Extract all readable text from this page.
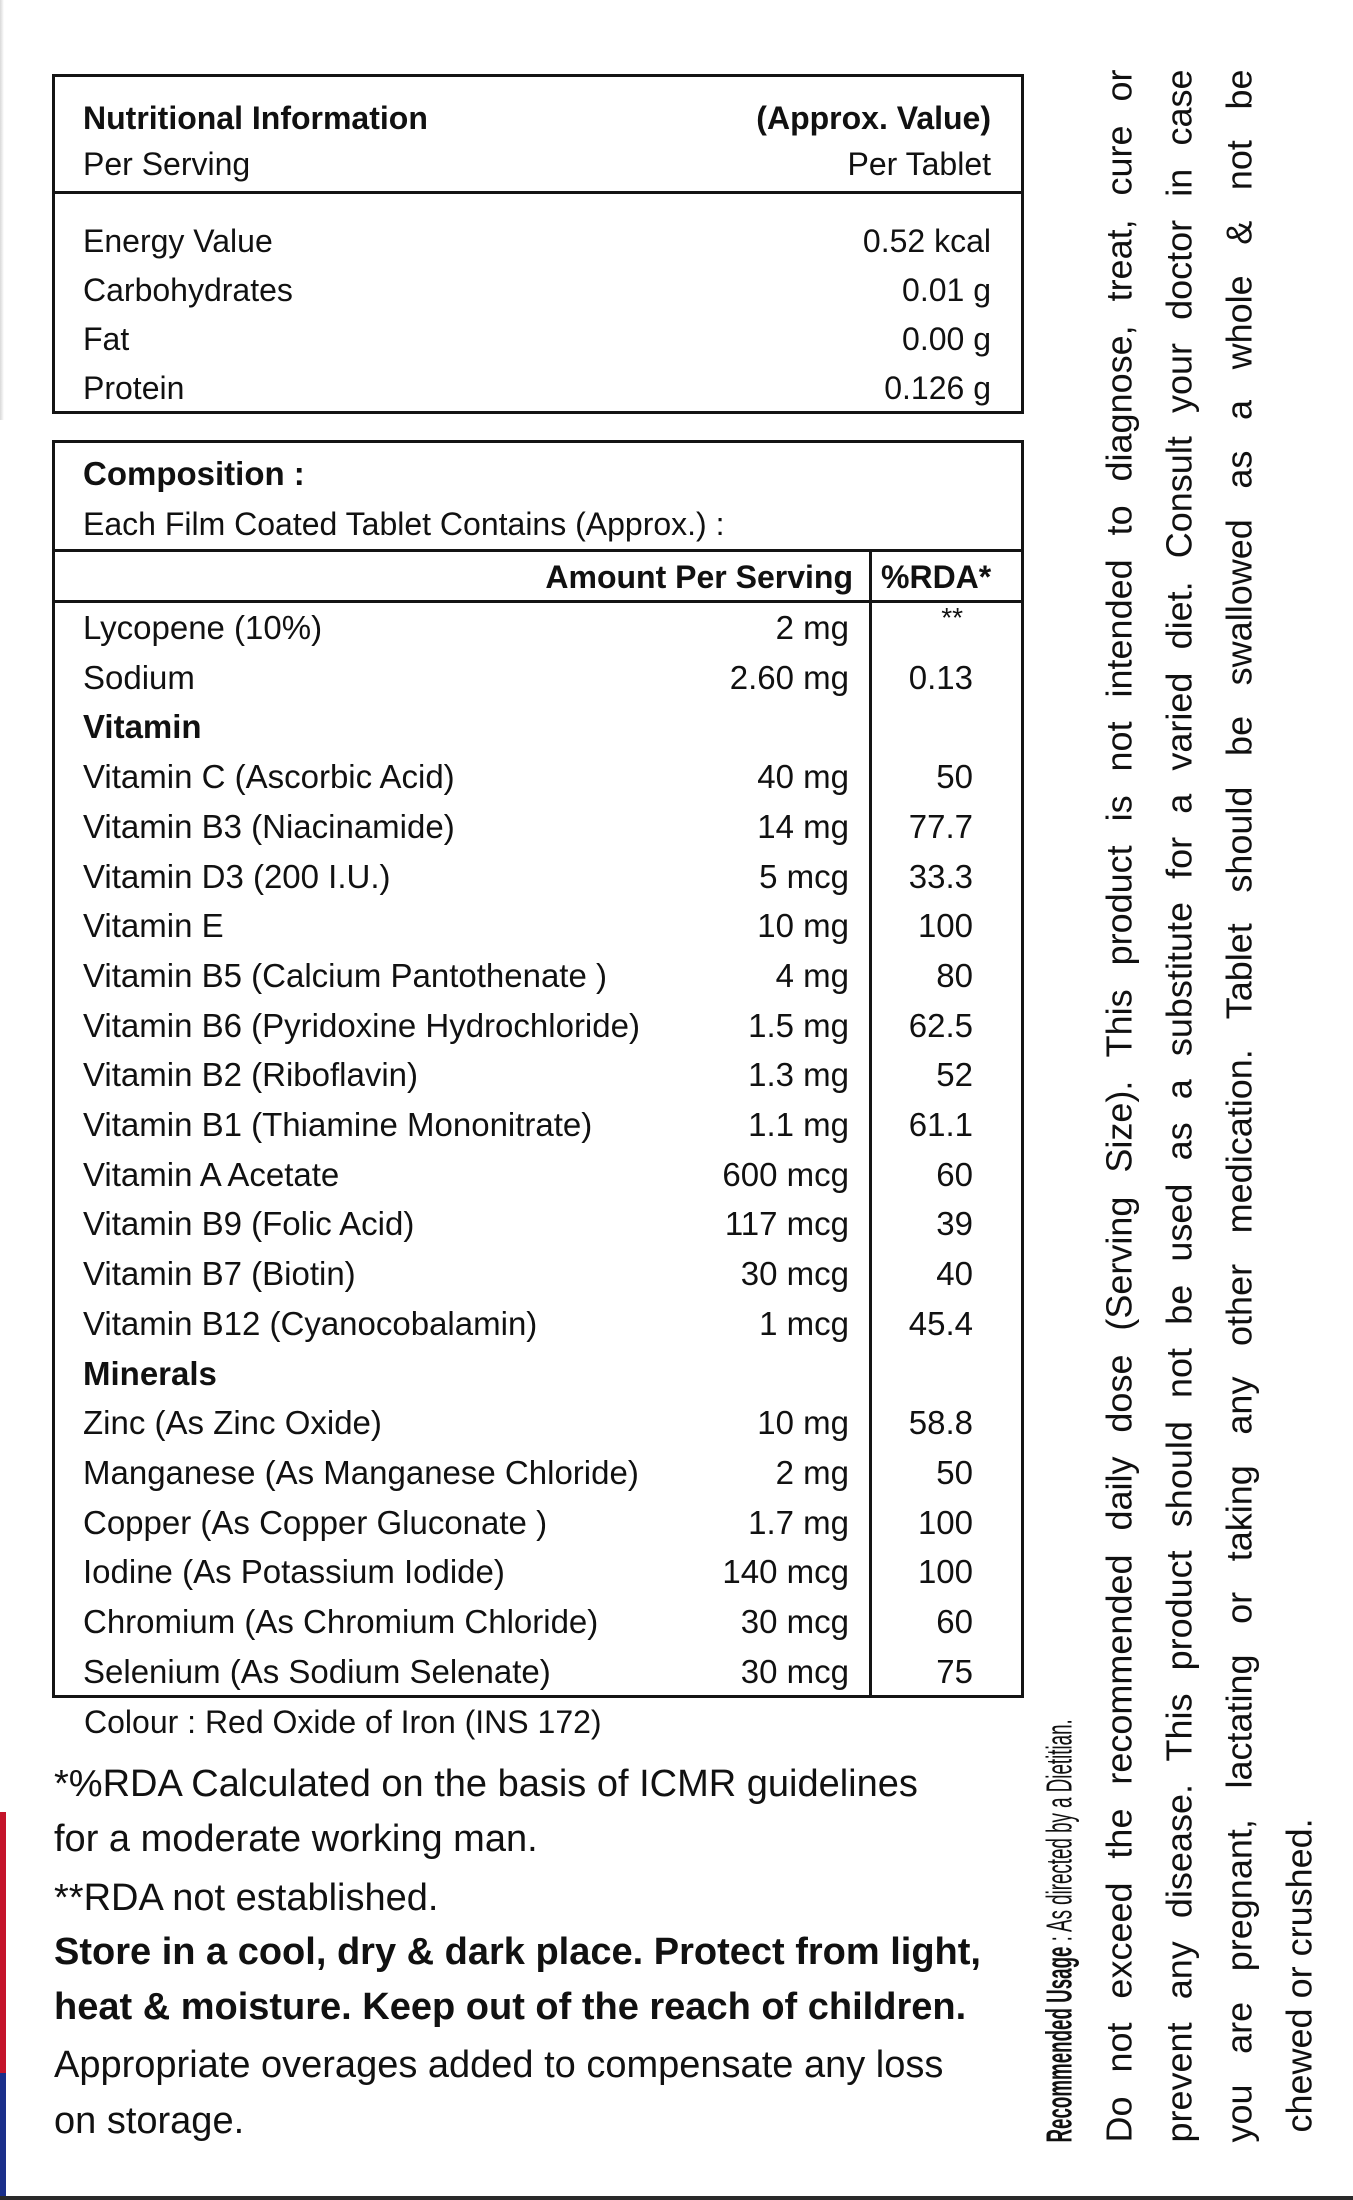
Nutritional Information	(Approx. Value)
Per Serving	Per Tablet
Energy Value	0.52 kcal
Carbohydrates	0.01 g
Fat	0.00 g
Protein	0.126 g
Composition :
Each Film Coated Tablet Contains (Approx.) :
Amount Per Serving %RDA*
Lycopene (10%)	2 mg	**
Sodium	2.60 mg 0.13
Vitamin
Vitamin C (Ascorbic Acid)	40 mg	50
Vitamin B3 (Niacinamide)	14 mg 77.7
Vitamin D3 (200 I.U.)	5 mcg 33.3
Vitamin E	10 mg 100
Vitamin B5 (Calcium Pantothenate )	4 mg	80
Vitamin B6 (Pyridoxine Hydrochloride)	1.5 mg 62.5
Vitamin B2 (Riboflavin)	1.3 mg	52
Vitamin B1 (Thiamine Mononitrate)	1.1 mg 61.1
Vitamin A Acetate	600 mcg	60
Vitamin B9 (Folic Acid)	117 mcg	39
Vitamin B7 (Biotin)	30 mcg	40
Vitamin B12 (Cyanocobalamin)	1 mcg 45.4
Minerals
Zinc (As Zinc Oxide)	10 mg 58.8
Manganese (As Manganese Chloride)	2 mg	50
Copper (As Copper Gluconate )	1.7 mg 100
Iodine (As Potassium Iodide)	140 mcg 100
Chromium (As Chromium Chloride)	30 mcg	60
Selenium (As Sodium Selenate)	30 mcg	75
Colour : Red Oxide of Iron (INS 172)
*%RDA Calculated on the basis of ICMR guidelines
for a moderate working man.
**RDA not established.
Store in a cool, dry & dark place. Protect from light,
heat & moisture. Keep out of the reach of children.
Appropriate overages added to compensate any loss
on storage.	Recommended Usage : As directed by a Dietitian. Do not exceed the recommended daily dose (Serving Size). This product is not intended to diagnose, treat, cure or prevent any disease. This product should not be used as a substitute for a varied diet. Consult your doctor in case you are pregnant, lactating or taking any other medication. Tablet should be swallowed as a whole & not be chewed or crushed.
